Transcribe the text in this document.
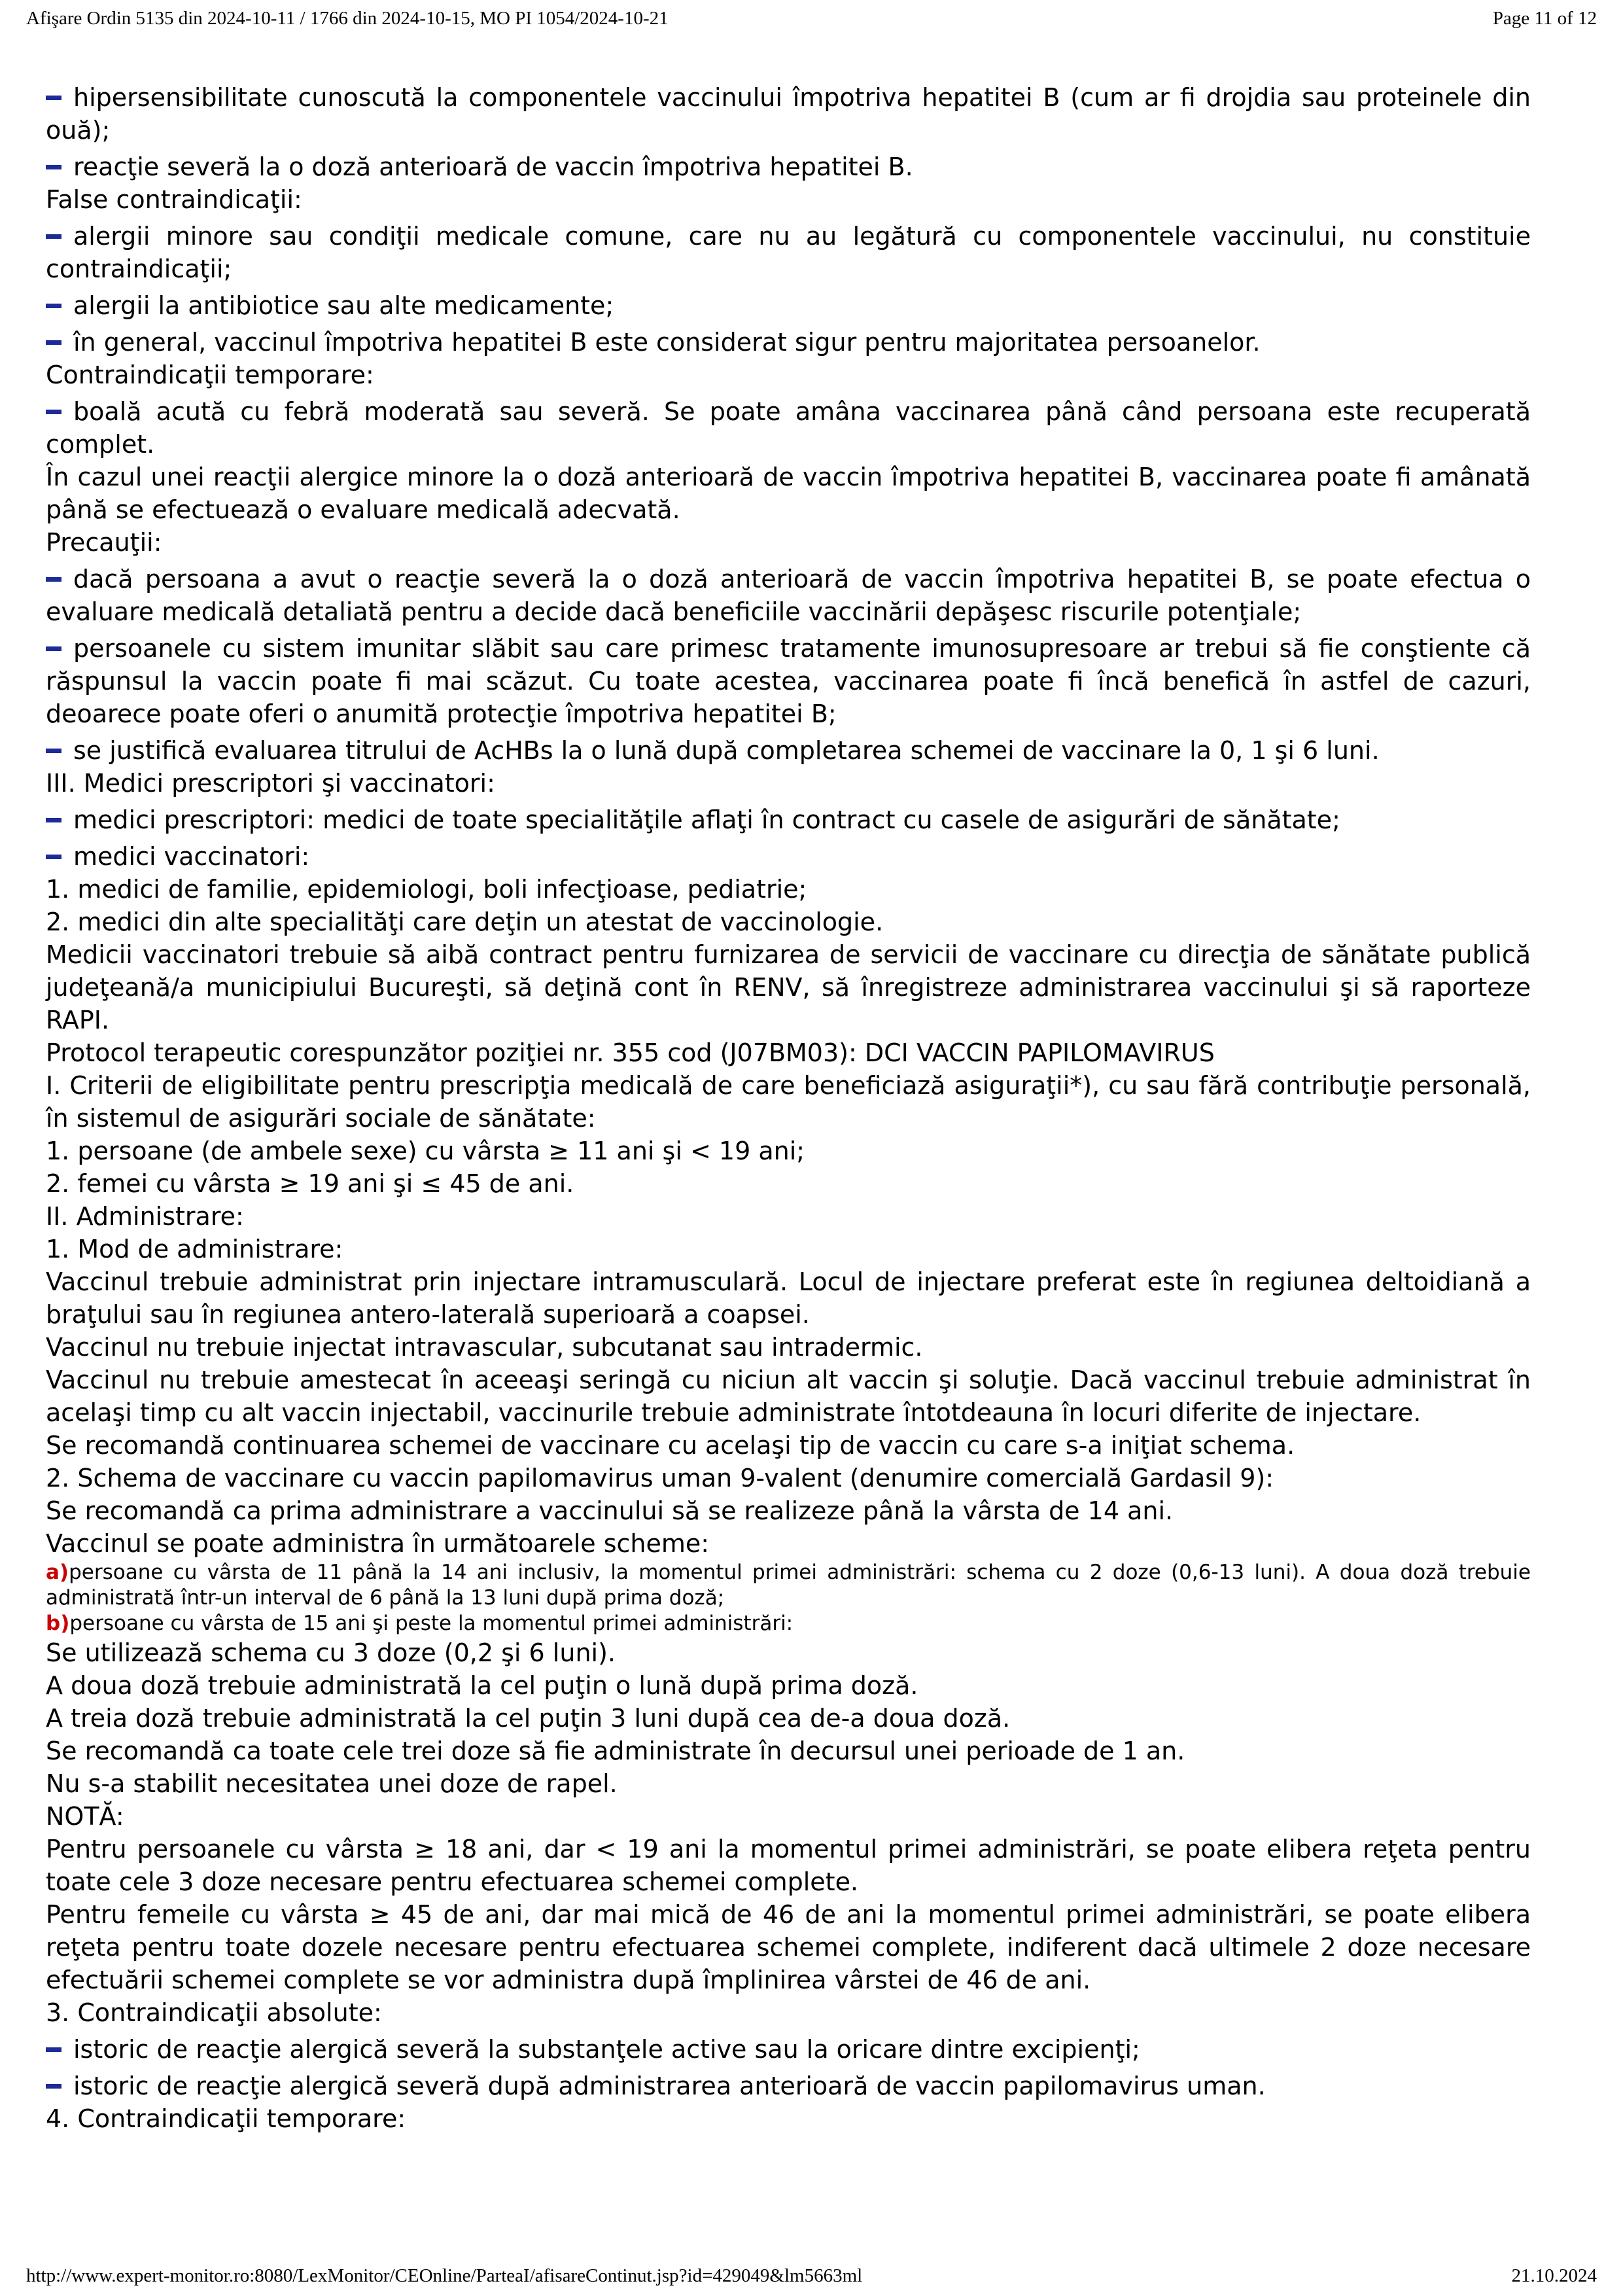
Afişare Ordin 5135 din 2024-10-11 / 1766 din 2024-10-15, MO PI 1054/2024-10-21	Page 11 of 12

hipersensibilitate cunoscută la componentele vaccinului împotriva hepatitei B (cum ar fi drojdia sau proteinele din ouă);

reacţie severă la o doză anterioară de vaccin împotriva hepatitei B.

False contraindicaţii:

alergii minore sau condiţii medicale comune, care nu au legătură cu componentele vaccinului, nu constituie contraindicaţii;

alergii la antibiotice sau alte medicamente;

în general, vaccinul împotriva hepatitei B este considerat sigur pentru majoritatea persoanelor.

Contraindicaţii temporare:

boală acută cu febră moderată sau severă. Se poate amâna vaccinarea până când persoana este recuperată complet.

În cazul unei reacţii alergice minore la o doză anterioară de vaccin împotriva hepatitei B, vaccinarea poate fi amânată până se efectuează o evaluare medicală adecvată.

Precauţii:

dacă persoana a avut o reacţie severă la o doză anterioară de vaccin împotriva hepatitei B, se poate efectua o evaluare medicală detaliată pentru a decide dacă beneficiile vaccinării depăşesc riscurile potenţiale;

persoanele cu sistem imunitar slăbit sau care primesc tratamente imunosupresoare ar trebui să fie conştiente că răspunsul la vaccin poate fi mai scăzut. Cu toate acestea, vaccinarea poate fi încă benefică în astfel de cazuri, deoarece poate oferi o anumită protecţie împotriva hepatitei B;

se justifică evaluarea titrului de AcHBs la o lună după completarea schemei de vaccinare la 0, 1 şi 6 luni.

III. Medici prescriptori şi vaccinatori:

medici prescriptori: medici de toate specialităţile aflaţi în contract cu casele de asigurări de sănătate;

medici vaccinatori:

1. medici de familie, epidemiologi, boli infecţioase, pediatrie;

2. medici din alte specialităţi care deţin un atestat de vaccinologie.

Medicii vaccinatori trebuie să aibă contract pentru furnizarea de servicii de vaccinare cu direcţia de sănătate publică judeţeană/a municipiului Bucureşti, să deţină cont în RENV, să înregistreze administrarea vaccinului şi să raporteze RAPI.

Protocol terapeutic corespunzător poziţiei nr. 355 cod (J07BM03): DCI VACCIN PAPILOMAVIRUS

I. Criterii de eligibilitate pentru prescripţia medicală de care beneficiază asiguraţii*), cu sau fără contribuţie personală, în sistemul de asigurări sociale de sănătate:

1. persoane (de ambele sexe) cu vârsta ≥ 11 ani şi < 19 ani;

2. femei cu vârsta ≥ 19 ani şi ≤ 45 de ani.

II. Administrare:

1. Mod de administrare:

Vaccinul trebuie administrat prin injectare intramusculară. Locul de injectare preferat este în regiunea deltoidiană a braţului sau în regiunea antero-laterală superioară a coapsei.

Vaccinul nu trebuie injectat intravascular, subcutanat sau intradermic.

Vaccinul nu trebuie amestecat în aceeaşi seringă cu niciun alt vaccin şi soluţie. Dacă vaccinul trebuie administrat în acelaşi timp cu alt vaccin injectabil, vaccinurile trebuie administrate întotdeauna în locuri diferite de injectare.

Se recomandă continuarea schemei de vaccinare cu acelaşi tip de vaccin cu care s-a iniţiat schema.

2. Schema de vaccinare cu vaccin papilomavirus uman 9-valent (denumire comercială Gardasil 9):

Se recomandă ca prima administrare a vaccinului să se realizeze până la vârsta de 14 ani.

Vaccinul se poate administra în următoarele scheme:

a)persoane cu vârsta de 11 până la 14 ani inclusiv, la momentul primei administrări: schema cu 2 doze (0,6-13 luni). A doua doză trebuie administrată într-un interval de 6 până la 13 luni după prima doză;

b)persoane cu vârsta de 15 ani şi peste la momentul primei administrări:

Se utilizează schema cu 3 doze (0,2 şi 6 luni).

A doua doză trebuie administrată la cel puţin o lună după prima doză.

A treia doză trebuie administrată la cel puţin 3 luni după cea de-a doua doză.

Se recomandă ca toate cele trei doze să fie administrate în decursul unei perioade de 1 an.

Nu s-a stabilit necesitatea unei doze de rapel.

NOTĂ:

Pentru persoanele cu vârsta ≥ 18 ani, dar < 19 ani la momentul primei administrări, se poate elibera reţeta pentru toate cele 3 doze necesare pentru efectuarea schemei complete.

Pentru femeile cu vârsta ≥ 45 de ani, dar mai mică de 46 de ani la momentul primei administrări, se poate elibera reţeta pentru toate dozele necesare pentru efectuarea schemei complete, indiferent dacă ultimele 2 doze necesare efectuării schemei complete se vor administra după împlinirea vârstei de 46 de ani.

3. Contraindicaţii absolute:

istoric de reacţie alergică severă la substanţele active sau la oricare dintre excipienţi;

istoric de reacţie alergică severă după administrarea anterioară de vaccin papilomavirus uman.

4. Contraindicaţii temporare:

http://www.expert-monitor.ro:8080/LexMonitor/CEOnline/ParteaI/afisareContinut.jsp?id=429049&lm5663ml	21.10.2024
